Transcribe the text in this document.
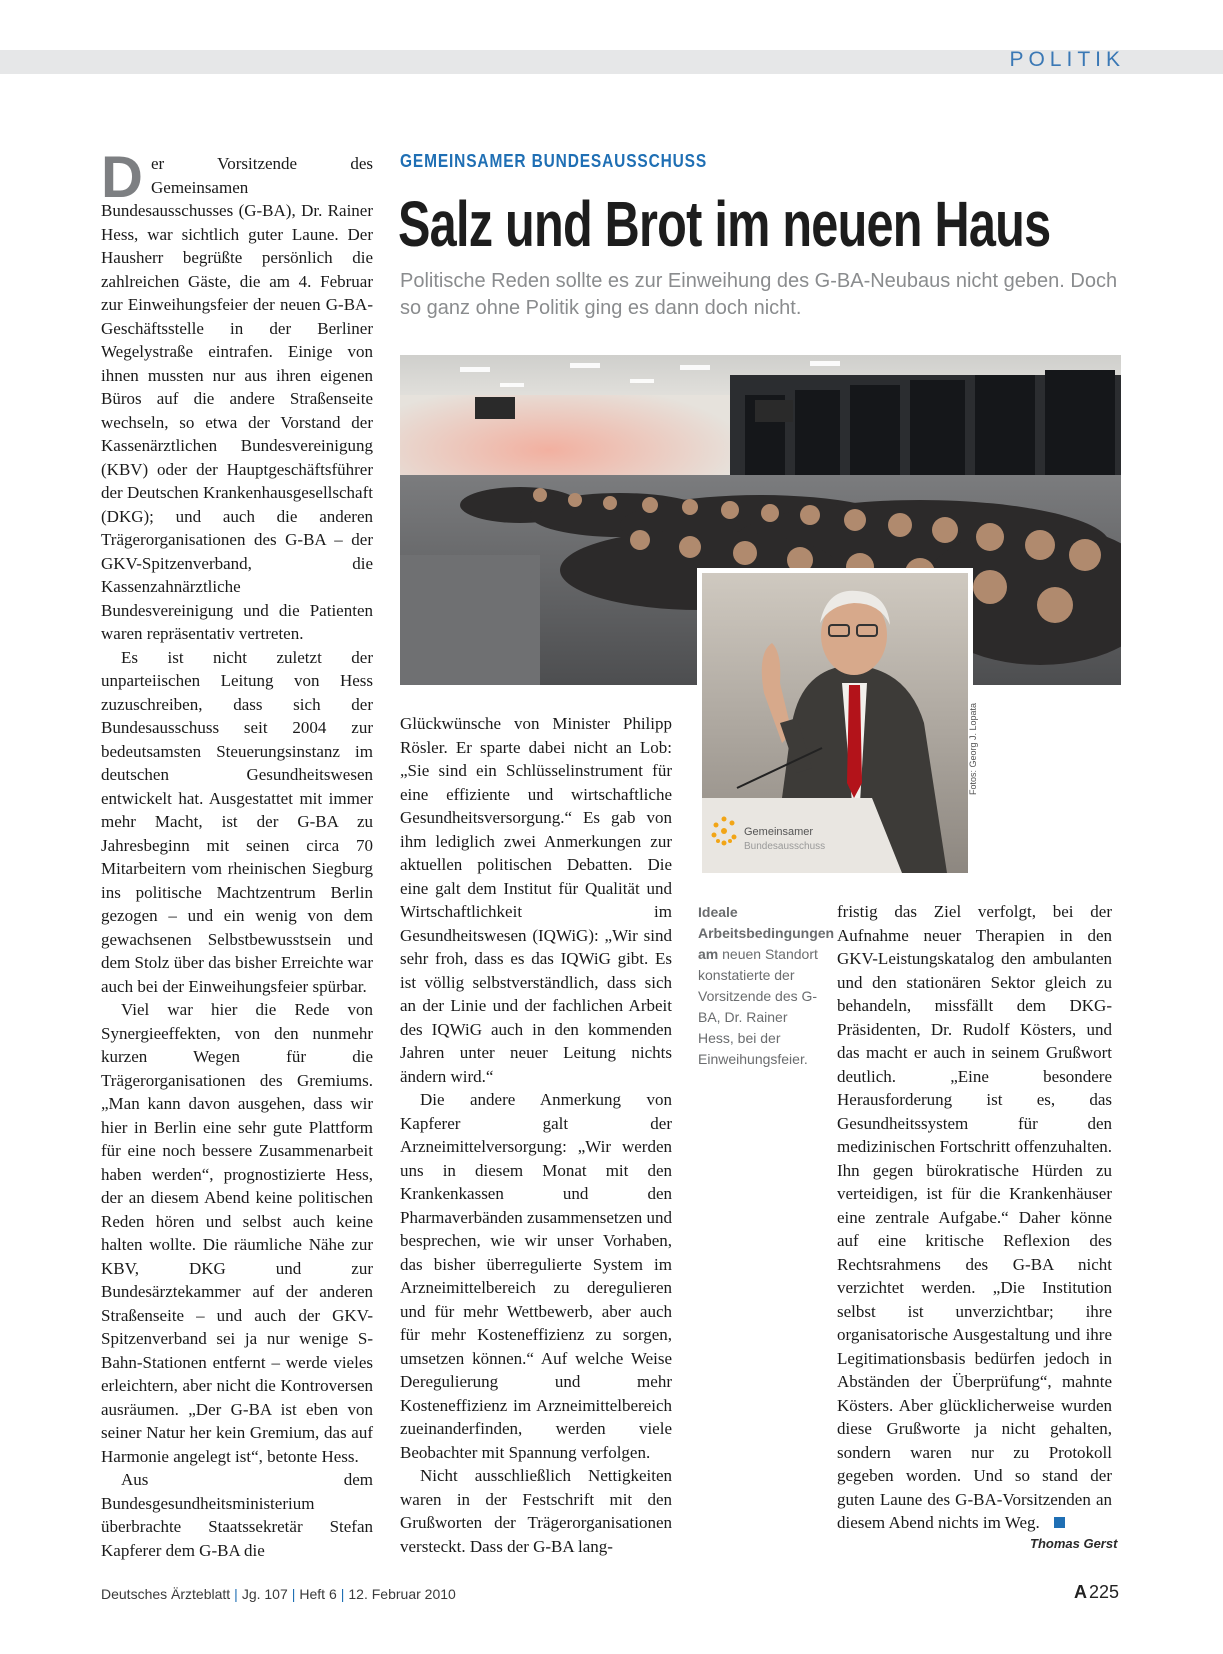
POLITIK
GEMEINSAMER BUNDESAUSSCHUSS
Salz und Brot im neuen Haus
Politische Reden sollte es zur Einweihung des G-BA-Neubaus nicht geben. Doch so ganz ohne Politik ging es dann doch nicht.

Der Vorsitzende des Gemeinsamen Bundesausschusses (G-BA), Dr. Rainer Hess, war sichtlich guter Laune. Der Hausherr begrüßte persönlich die zahlreichen Gäste, die am 4. Februar zur Einweihungsfeier der neuen G-BA-Geschäftsstelle in der Berliner Wegelystraße eintrafen. Einige von ihnen mussten nur aus ihren eigenen Büros auf die andere Straßenseite wechseln, so etwa der Vorstand der Kassenärztlichen Bundesvereinigung (KBV) oder der Hauptgeschäftsführer der Deutschen Krankenhausgesellschaft (DKG); und auch die anderen Trägerorganisationen des G-BA – der GKV-Spitzenverband, die Kassenzahnärztliche Bundesvereinigung und die Patienten waren repräsentativ vertreten.

Es ist nicht zuletzt der unparteiischen Leitung von Hess zuzuschreiben, dass sich der Bundesausschuss seit 2004 zur bedeutsamsten Steuerungsinstanz im deutschen Gesundheitswesen entwickelt hat. Ausgestattet mit immer mehr Macht, ist der G-BA zu Jahresbeginn mit seinen circa 70 Mitarbeitern vom rheinischen Siegburg ins politische Machtzentrum Berlin gezogen – und ein wenig von dem gewachsenen Selbstbewusstsein und dem Stolz über das bisher Erreichte war auch bei der Einweihungsfeier spürbar.

Viel war hier die Rede von Synergieeffekten, von den nunmehr kurzen Wegen für die Trägerorganisationen des Gremiums. „Man kann davon ausgehen, dass wir hier in Berlin eine sehr gute Plattform für eine noch bessere Zusammenarbeit haben werden“, prognostizierte Hess, der an diesem Abend keine politischen Reden hören und selbst auch keine halten wollte. Die räumliche Nähe zur KBV, DKG und zur Bundesärztekammer auf der anderen Straßenseite – und auch der GKV-Spitzenverband sei ja nur wenige S-Bahn-Stationen entfernt – werde vieles erleichtern, aber nicht die Kontroversen ausräumen. „Der G-BA ist eben von seiner Natur her kein Gremium, das auf Harmonie angelegt ist“, betonte Hess.

Aus dem Bundesgesundheitsministerium überbrachte Staatssekretär Stefan Kapferer dem G-BA die

Gemeinsamer
Bundesausschuss
Fotos: Georg J. Lopata

Glückwünsche von Minister Philipp Rösler. Er sparte dabei nicht an Lob: „Sie sind ein Schlüsselinstrument für eine effiziente und wirtschaftliche Gesundheitsversorgung.“ Es gab von ihm lediglich zwei Anmerkungen zur aktuellen politischen Debatten. Die eine galt dem Institut für Qualität und Wirtschaftlichkeit im Gesundheitswesen (IQWiG): „Wir sind sehr froh, dass es das IQWiG gibt. Es ist völlig selbstverständlich, dass sich an der Linie und der fachlichen Arbeit des IQWiG auch in den kommenden Jahren unter neuer Leitung nichts ändern wird.“

Die andere Anmerkung von Kapferer galt der Arzneimittelversorgung: „Wir werden uns in diesem Monat mit den Krankenkassen und den Pharmaverbänden zusammensetzen und besprechen, wie wir unser Vorhaben, das bisher überregulierte System im Arzneimittelbereich zu deregulieren und für mehr Wettbewerb, aber auch für mehr Kosteneffizienz zu sorgen, umsetzen können.“ Auf welche Weise Deregulierung und mehr Kosteneffizienz im Arzneimittelbereich zueinanderfinden, werden viele Beobachter mit Spannung verfolgen.

Nicht ausschließlich Nettigkeiten waren in der Festschrift mit den Grußworten der Trägerorganisationen versteckt. Dass der G-BA lang-

Ideale Arbeitsbedingungen am neuen Standort konstatierte der Vorsitzende des G-BA, Dr. Rainer Hess, bei der Einweihungsfeier.

fristig das Ziel verfolgt, bei der Aufnahme neuer Therapien in den GKV-Leistungskatalog den ambulanten und den stationären Sektor gleich zu behandeln, missfällt dem DKG-Präsidenten, Dr. Rudolf Kösters, und das macht er auch in seinem Grußwort deutlich. „Eine besondere Herausforderung ist es, das Gesundheitssystem für den medizinischen Fortschritt offenzuhalten. Ihn gegen bürokratische Hürden zu verteidigen, ist für die Krankenhäuser eine zentrale Aufgabe.“ Daher könne auf eine kritische Reflexion des Rechtsrahmens des G-BA nicht verzichtet werden. „Die Institution selbst ist unverzichtbar; ihre organisatorische Ausgestaltung und ihre Legitimationsbasis bedürfen jedoch in Abständen der Überprüfung“, mahnte Kösters. Aber glücklicherweise wurden diese Grußworte ja nicht gehalten, sondern waren nur zu Protokoll gegeben worden. Und so stand der guten Laune des G-BA-Vorsitzenden an diesem Abend nichts im Weg.

Thomas Gerst
Deutsches Ärzteblatt | Jg. 107 | Heft 6 | 12. Februar 2010	A 225
